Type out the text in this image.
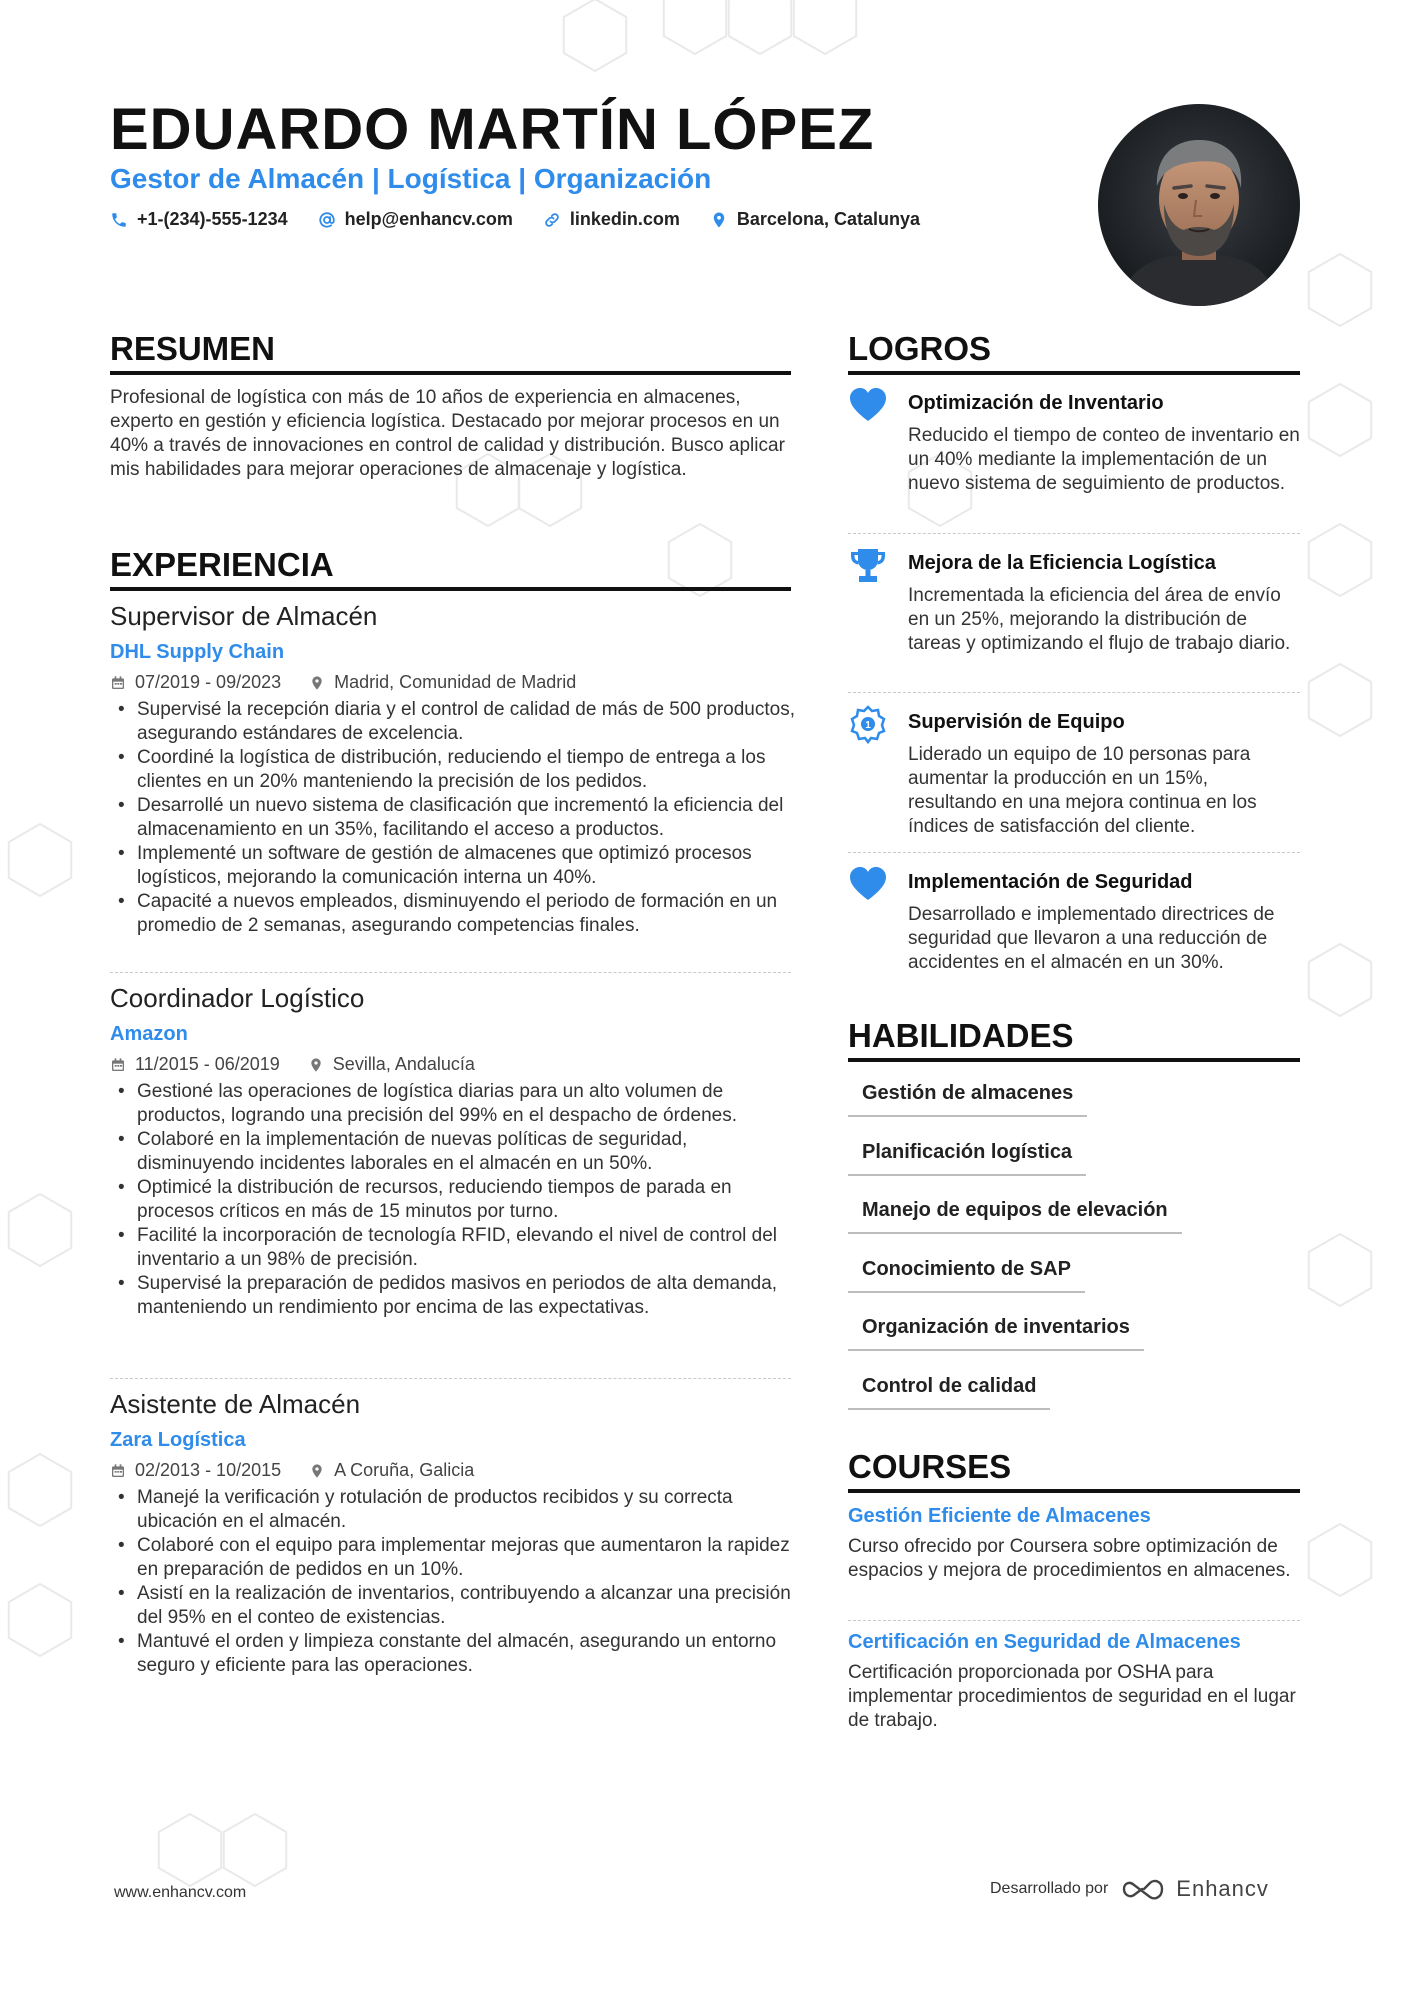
EDUARDO MARTÍN LÓPEZ
Gestor de Almacén | Logística | Organización
+1-(234)-555-1234	help@enhancv.com	linkedin.com	Barcelona, Catalunya
RESUMEN
Profesional de logística con más de 10 años de experiencia en almacenes, experto en gestión y eficiencia logística. Destacado por mejorar procesos en un 40% a través de innovaciones en control de calidad y distribución. Busco aplicar mis habilidades para mejorar operaciones de almacenaje y logística.
EXPERIENCIA
Supervisor de Almacén
DHL Supply Chain
07/2019 - 09/2023	Madrid, Comunidad de Madrid
• Supervisé la recepción diaria y el control de calidad de más de 500 productos, asegurando estándares de excelencia.
• Coordiné la logística de distribución, reduciendo el tiempo de entrega a los clientes en un 20% manteniendo la precisión de los pedidos.
• Desarrollé un nuevo sistema de clasificación que incrementó la eficiencia del almacenamiento en un 35%, facilitando el acceso a productos.
• Implementé un software de gestión de almacenes que optimizó procesos logísticos, mejorando la comunicación interna un 40%.
• Capacité a nuevos empleados, disminuyendo el periodo de formación en un promedio de 2 semanas, asegurando competencias finales.
Coordinador Logístico
Amazon
11/2015 - 06/2019	Sevilla, Andalucía
• Gestioné las operaciones de logística diarias para un alto volumen de productos, logrando una precisión del 99% en el despacho de órdenes.
• Colaboré en la implementación de nuevas políticas de seguridad, disminuyendo incidentes laborales en el almacén en un 50%.
• Optimicé la distribución de recursos, reduciendo tiempos de parada en procesos críticos en más de 15 minutos por turno.
• Facilité la incorporación de tecnología RFID, elevando el nivel de control del inventario a un 98% de precisión.
• Supervisé la preparación de pedidos masivos en periodos de alta demanda, manteniendo un rendimiento por encima de las expectativas.
Asistente de Almacén
Zara Logística
02/2013 - 10/2015	A Coruña, Galicia
• Manejé la verificación y rotulación de productos recibidos y su correcta ubicación en el almacén.
• Colaboré con el equipo para implementar mejoras que aumentaron la rapidez en preparación de pedidos en un 10%.
• Asistí en la realización de inventarios, contribuyendo a alcanzar una precisión del 95% en el conteo de existencias.
• Mantuvé el orden y limpieza constante del almacén, asegurando un entorno seguro y eficiente para las operaciones.
LOGROS
Optimización de Inventario
Reducido el tiempo de conteo de inventario en un 40% mediante la implementación de un nuevo sistema de seguimiento de productos.
Mejora de la Eficiencia Logística
Incrementada la eficiencia del área de envío en un 25%, mejorando la distribución de tareas y optimizando el flujo de trabajo diario.
1 Supervisión de Equipo
Liderado un equipo de 10 personas para aumentar la producción en un 15%, resultando en una mejora continua en los índices de satisfacción del cliente.
Implementación de Seguridad
Desarrollado e implementado directrices de seguridad que llevaron a una reducción de accidentes en el almacén en un 30%.
HABILIDADES
Gestión de almacenes
Planificación logística
Manejo de equipos de elevación
Conocimiento de SAP
Organización de inventarios
Control de calidad
COURSES
Gestión Eficiente de Almacenes
Curso ofrecido por Coursera sobre optimización de espacios y mejora de procedimientos en almacenes.
Certificación en Seguridad de Almacenes
Certificación proporcionada por OSHA para implementar procedimientos de seguridad en el lugar de trabajo.
www.enhancv.com	Desarrollado por	Enhancv
